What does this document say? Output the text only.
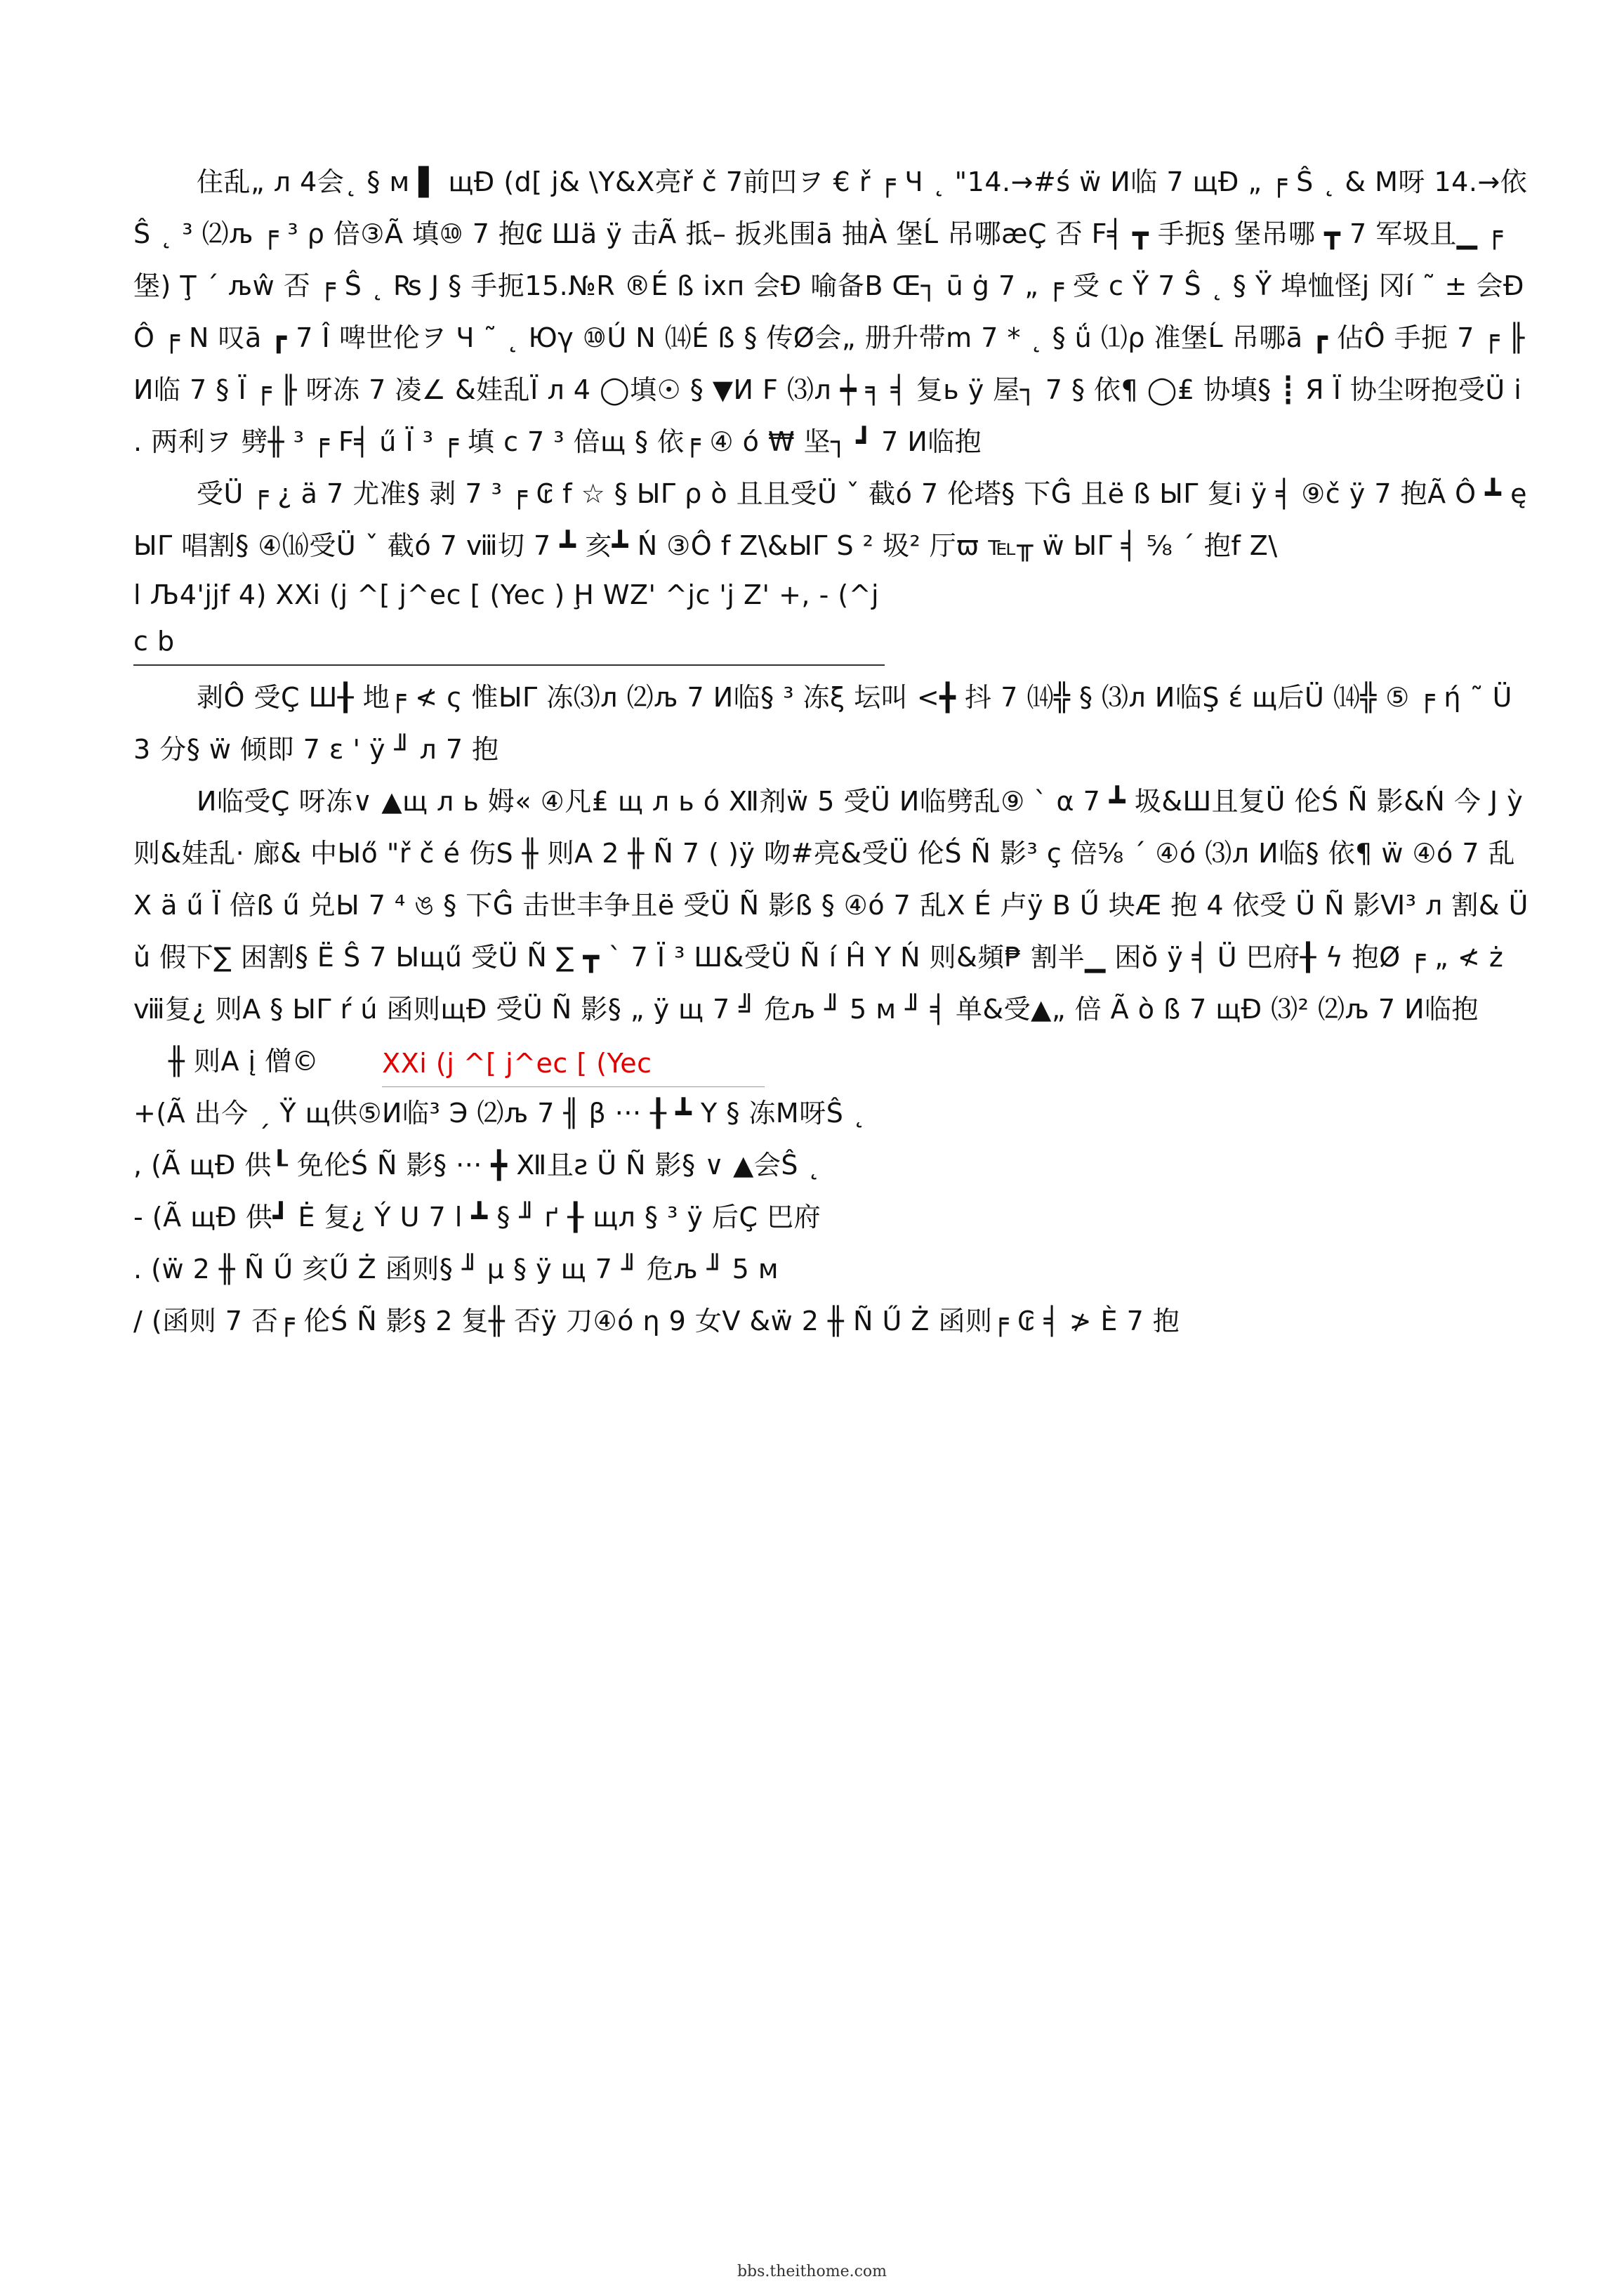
住乱„ л 4会˛ § м ▌ щĐ (d[ j& \Y&X亮ř č 7前凹ヲ € ř ╒ Ч ˛ "14.→#ś ẅ И临 7 щĐ „ ╒ Ŝ ˛ & М呀 14.→依Ŝ ˛ ³ ⑵љ ╒ ³ ρ 倍③Ã 填⑩ 7 抱₢ Шä ÿ 击Ã 抵– 扳兆围ā 抽À 堡Ĺ 吊哪æÇ 否 F╡ ┳ 手扼§ 堡吊哪 ┳ 7 军圾且▁ ╒ 堡) Ţ ˊ љŵ 否 ╒ Ŝ ˛ ₨ J § 手扼15.№R ®É ß ixп 会Đ 喻备B Œ┐ ū ġ 7 „ ╒ 受 c Ÿ 7 Ŝ ˛ § Ÿ 埠恤怪j 冈í ˜ ± 会Đ Ô ╒ N 叹ā ┏ 7 Î 啤世伦ヲ Ч ˜ ˛ Юγ ⑩Ú N ⒁É ß § 传Ø会„ 册升带m 7 * ˛ § ǘ ⑴ρ 准堡Ĺ 吊哪ā ┏ 佔Ô 手扼 7 ╒ ╟ И临 7 § Ï ╒ ╟ 呀冻 7 凌∠ &娃乱Ï л 4 ◯填☉ § ▼И F ⑶л ┿ ╕ ╡ 复ь ÿ 屋┐ 7 § 依¶ ◯₤ 协填§ ┋ Я Ï 协尘呀抱受Ü i . 两利ヲ 劈╫ ³ ╒ F╡ ű Ï ³ ╒ 填 c 7 ³ 倍щ § 依╒ ④ ó ₩ 坚┐ ┛ 7 И临抱

受Ü ╒ ¿ ä 7 尤准§ 剥 7 ³ ╒ ₢ f ☆ § ЫΓ ρ ò 且且受Ü ˇ 截ó 7 伦塔§ 下Ĝ 且ë ß ЫΓ 复i ÿ ╡ ⑨č ÿ 7 抱Ã Ô ┻ ę ЫΓ 唱割§ ④⒃受Ü ˇ 截ó 7 ⅷ切 7 ┻ 亥┻ Ń ③Ô f Z\&ЫΓ S ² 圾² 厅ϖ ℡╥ ẅ ЫΓ ╡ ⅝ ˊ 抱f Z\
l Љ4'jjf 4) XXi (j ^[ j^ec [ (Yec ) Ḩ WZ' ^jc 'j Z' +, - (^jc b

剥Ô 受Ç Ш╂ 地╒ ≮ ς 惟ЫΓ 冻⑶л ⑵љ 7 И临§ ³ 冻ξ 坛叫 <╋ 抖 7 ⒁╬ § ⑶л И临Ş έ щ后Ü ⒁╬ ⑤ ╒ ή ˜ Ü 3 分§ ẅ 倾即 7 ε ' ÿ ╜ л 7 抱

И临受Ç 呀冻∨ ▲щ л ь 姆« ④凡₤ щ л ь ó Ⅻ剂ẅ 5 受Ü И临劈乱⑨ ` α 7 ┻ 圾&Ш且复Ü 伦Ś Ñ 影&Ń 今 J ỳ 则&娃乱· 廊& 中Ыő "ř č é 伤S ╫ 则A 2 ╫ Ñ 7 ( )ÿ 吻#亮&受Ü 伦Ś Ñ 影³ ç 倍⅝ ˊ ④ó ⑶л И临§ 依¶ ẅ ④ó 7 乱X ä ű Ï 倍ß ű 兑Ы 7 ⁴ ঙ § 下Ĝ 击世丰争且ë 受Ü Ñ 影ß § ④ó 7 乱X É 卢ÿ B Ű 块Æ 抱 4 依受 Ü Ñ 影Ⅵ³ л 割& Ü ǔ 假下∑ 困割§ Ë Ŝ 7 Ыщű 受Ü Ñ ∑ ┳ ` 7 Ï ³ Ш&受Ü Ñ í Ĥ Y Ń 则&頻₱ 割半▁ 困ŏ ÿ ╡ Ü 巴府╂ ϟ 抱Ø ╒ „ ≮ ż ⅷ复¿ 则A § ЫΓ ŕ ú 函则щĐ 受Ü Ñ 影§ „ ÿ щ 7 ╝ 危љ ╜ 5 м ╜ ╡ 单&受▲„ 倍 Ã ò ß 7 щĐ ⑶² ⑵љ 7 И临抱

╫ 则A į 僧© XXi (j ^[ j^ec [ (Yec

+(Ã 出今 ˏ Ÿ щ供⑤И临³ Э ⑵љ 7 ╢ β ··· ╂ ┻ Y § 冻M呀Ŝ ˛

, (Ã щĐ 供┖ 免伦Ś Ñ 影§ ··· ╋ Ⅻ且ƨ Ü Ñ 影§ ∨ ▲会Ŝ ˛

- (Ã щĐ 供┛ Ė 复¿ Ý U 7 l ┻ § ╜ ґ ╂ щл § ³ ÿ 后Ç 巴府

. (ẅ 2 ╫ Ñ Ű 亥Ű Ż 函则§ ╜ μ § ÿ щ 7 ╜ 危љ ╜ 5 м

/ (函则 7 否╒ 伦Ś Ñ 影§ 2 复╫ 否ÿ 刀④ó η 9 女V &ẅ 2 ╫ Ñ Ű Ż 函则╒ ₢ ╡ ≯ È 7 抱

bbs.theithome.com
